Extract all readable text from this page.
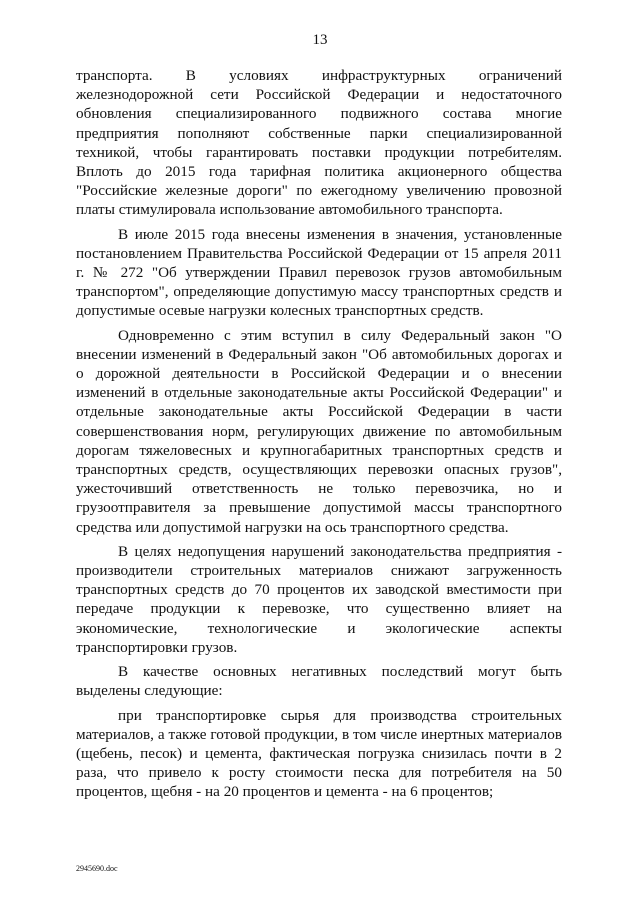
13

транспорта. В условиях инфраструктурных ограничений железнодорожной сети Российской Федерации и недостаточного обновления специализированного подвижного состава многие предприятия пополняют собственные парки специализированной техникой, чтобы гарантировать поставки продукции потребителям. Вплоть до 2015 года тарифная политика акционерного общества "Российские железные дороги" по ежегодному увеличению провозной платы стимулировала использование автомобильного транспорта.

В июле 2015 года внесены изменения в значения, установленные постановлением Правительства Российской Федерации от 15 апреля 2011 г. № 272 "Об утверждении Правил перевозок грузов автомобильным транспортом", определяющие допустимую массу транспортных средств и допустимые осевые нагрузки колесных транспортных средств.

Одновременно с этим вступил в силу Федеральный закон "О внесении изменений в Федеральный закон "Об автомобильных дорогах и о дорожной деятельности в Российской Федерации и о внесении изменений в отдельные законодательные акты Российской Федерации" и отдельные законодательные акты Российской Федерации в части совершенствования норм, регулирующих движение по автомобильным дорогам тяжеловесных и крупногабаритных транспортных средств и транспортных средств, осуществляющих перевозки опасных грузов", ужесточивший ответственность не только перевозчика, но и грузоотправителя за превышение допустимой массы транспортного средства или допустимой нагрузки на ось транспортного средства.

В целях недопущения нарушений законодательства предприятия - производители строительных материалов снижают загруженность транспортных средств до 70 процентов их заводской вместимости при передаче продукции к перевозке, что существенно влияет на экономические, технологические и экологические аспекты транспортировки грузов.

В качестве основных негативных последствий могут быть выделены следующие:

при транспортировке сырья для производства строительных материалов, а также готовой продукции, в том числе инертных материалов (щебень, песок) и цемента, фактическая погрузка снизилась почти в 2 раза, что привело к росту стоимости песка для потребителя на 50 процентов, щебня - на 20 процентов и цемента - на 6 процентов;

2945690.doc
